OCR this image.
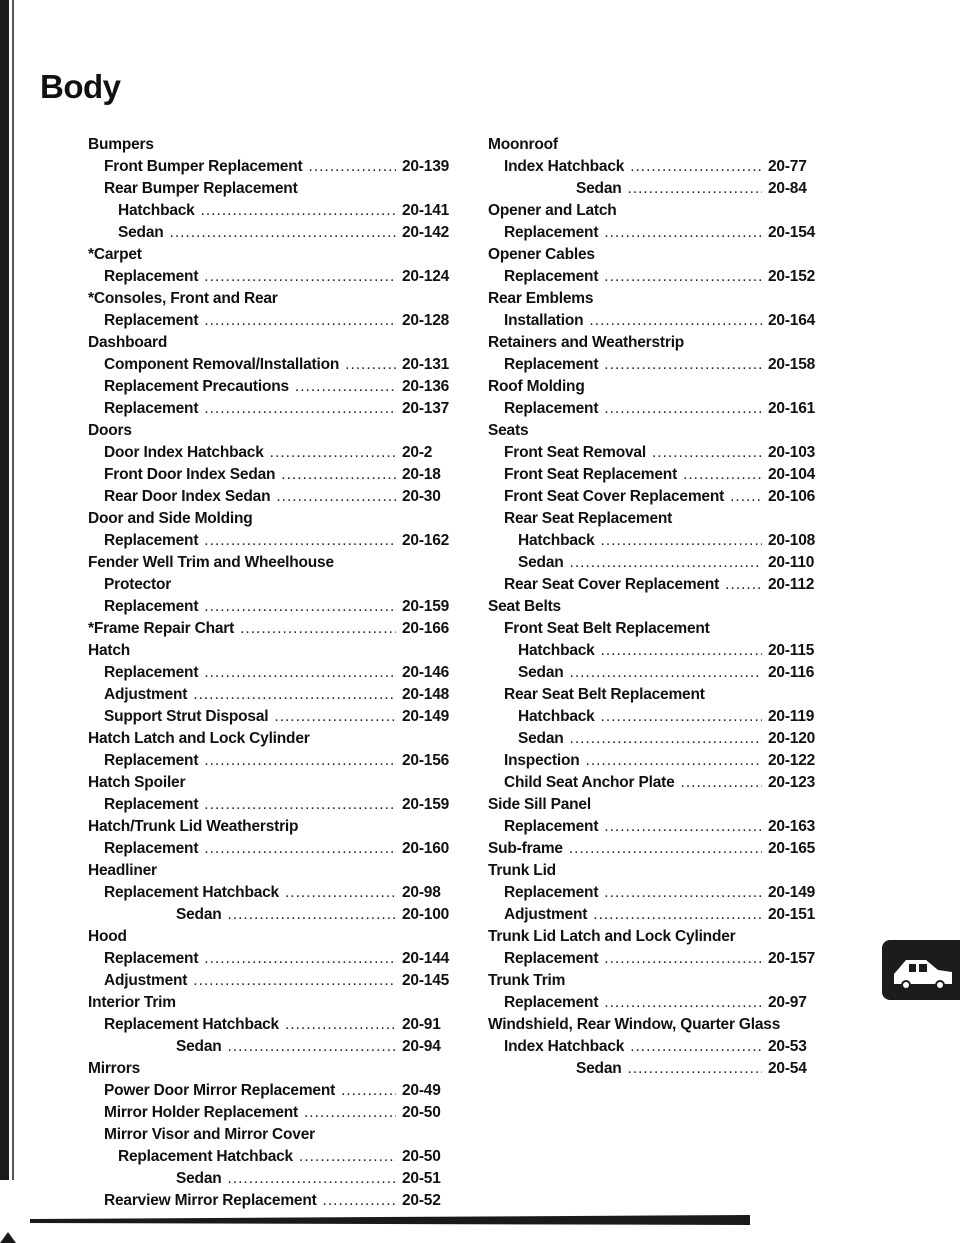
Body
Bumpers
Front Bumper Replacement .....	20-139
Rear Bumper Replacement
Hatchback .....	20-141
Sedan .....	20-142
*Carpet
Replacement .....	20-124
*Consoles, Front and Rear
Replacement .....	20-128
Dashboard
Component Removal/Installation .....	20-131
Replacement Precautions .....	20-136
Replacement .....	20-137
Doors
Door Index Hatchback .....	20-2
Front Door Index Sedan .....	20-18
Rear Door Index Sedan .....	20-30
Door and Side Molding
Replacement .....	20-162
Fender Well Trim and Wheelhouse
Protector
Replacement .....	20-159
*Frame Repair Chart .....	20-166
Hatch
Replacement .....	20-146
Adjustment .....	20-148
Support Strut Disposal .....	20-149
Hatch Latch and Lock Cylinder
Replacement .....	20-156
Hatch Spoiler
Replacement .....	20-159
Hatch/Trunk Lid Weatherstrip
Replacement .....	20-160
Headliner
Replacement Hatchback .....	20-98
Sedan .....	20-100
Hood
Replacement .....	20-144
Adjustment .....	20-145
Interior Trim
Replacement Hatchback .....	20-91
Sedan .....	20-94
Mirrors
Power Door Mirror Replacement .....	20-49
Mirror Holder Replacement .....	20-50
Mirror Visor and Mirror Cover
Replacement Hatchback .....	20-50
Sedan .....	20-51
Rearview Mirror Replacement .....	20-52
Moonroof
Index Hatchback .....	20-77
Sedan .....	20-84
Opener and Latch
Replacement .....	20-154
Opener Cables
Replacement .....	20-152
Rear Emblems
Installation .....	20-164
Retainers and Weatherstrip
Replacement .....	20-158
Roof Molding
Replacement .....	20-161
Seats
Front Seat Removal .....	20-103
Front Seat Replacement .....	20-104
Front Seat Cover Replacement .....	20-106
Rear Seat Replacement
Hatchback .....	20-108
Sedan .....	20-110
Rear Seat Cover Replacement .....	20-112
Seat Belts
Front Seat Belt Replacement
Hatchback .....	20-115
Sedan .....	20-116
Rear Seat Belt Replacement
Hatchback .....	20-119
Sedan .....	20-120
Inspection .....	20-122
Child Seat Anchor Plate .....	20-123
Side Sill Panel
Replacement .....	20-163
Sub-frame .....	20-165
Trunk Lid
Replacement .....	20-149
Adjustment .....	20-151
Trunk Lid Latch and Lock Cylinder
Replacement .....	20-157
Trunk Trim
Replacement .....	20-97
Windshield, Rear Window, Quarter Glass
Index Hatchback .....	20-53
Sedan .....	20-54
